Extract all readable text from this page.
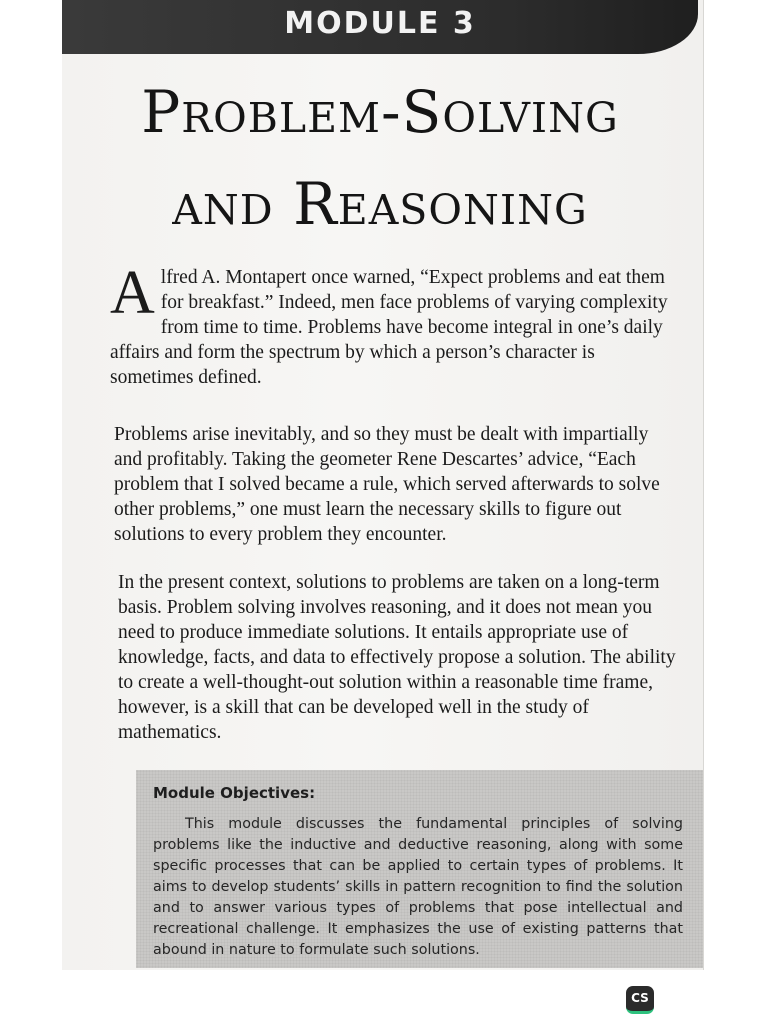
MODULE 3
Problem-Solving
and Reasoning

Alfred A. Montapert once warned, “Expect problems and eat them for breakfast.” Indeed, men face problems of varying complexity from time to time. Problems have become integral in one’s daily affairs and form the spectrum by which a person’s character is sometimes defined.

Problems arise inevitably, and so they must be dealt with impartially and profitably. Taking the geometer Rene Descartes’ advice, “Each problem that I solved became a rule, which served afterwards to solve other problems,” one must learn the necessary skills to figure out solutions to every problem they encounter.

In the present context, solutions to problems are taken on a long-term basis. Problem solving involves reasoning, and it does not mean you need to produce immediate solutions. It entails appropriate use of knowledge, facts, and data to effectively propose a solution. The ability to create a well-thought-out solution within a reasonable time frame, however, is a skill that can be developed well in the study of mathematics.

Module Objectives:

This module discusses the fundamental principles of solving problems like the inductive and deductive reasoning, along with some specific processes that can be applied to certain types of problems. It aims to develop students’ skills in pattern recognition to find the solution and to answer various types of problems that pose intellectual and recreational challenge. It emphasizes the use of existing patterns that abound in nature to formulate such solutions.

CS
